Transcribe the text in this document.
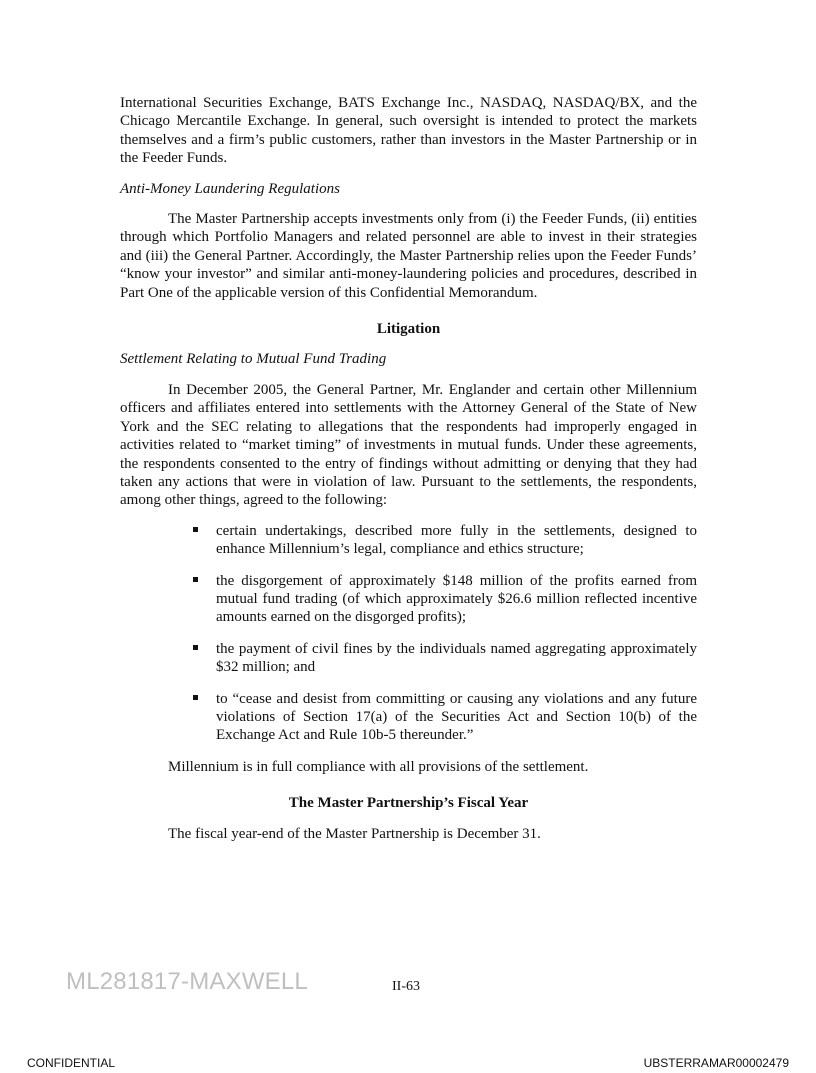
International Securities Exchange, BATS Exchange Inc., NASDAQ, NASDAQ/BX, and the Chicago Mercantile Exchange. In general, such oversight is intended to protect the markets themselves and a firm’s public customers, rather than investors in the Master Partnership or in the Feeder Funds.

Anti-Money Laundering Regulations

The Master Partnership accepts investments only from (i) the Feeder Funds, (ii) entities through which Portfolio Managers and related personnel are able to invest in their strategies and (iii) the General Partner. Accordingly, the Master Partnership relies upon the Feeder Funds’ “know your investor” and similar anti-money-laundering policies and procedures, described in Part One of the applicable version of this Confidential Memorandum.

Litigation
Settlement Relating to Mutual Fund Trading

In December 2005, the General Partner, Mr. Englander and certain other Millennium officers and affiliates entered into settlements with the Attorney General of the State of New York and the SEC relating to allegations that the respondents had improperly engaged in activities related to “market timing” of investments in mutual funds. Under these agreements, the respondents consented to the entry of findings without admitting or denying that they had taken any actions that were in violation of law. Pursuant to the settlements, the respondents, among other things, agreed to the following:

certain undertakings, described more fully in the settlements, designed to enhance Millennium’s legal, compliance and ethics structure;
the disgorgement of approximately $148 million of the profits earned from mutual fund trading (of which approximately $26.6 million reflected incentive amounts earned on the disgorged profits);
the payment of civil fines by the individuals named aggregating approximately $32 million; and
to “cease and desist from committing or causing any violations and any future violations of Section 17(a) of the Securities Act and Section 10(b) of the Exchange Act and Rule 10b-5 thereunder.”

Millennium is in full compliance with all provisions of the settlement.

The Master Partnership’s Fiscal Year

The fiscal year-end of the Master Partnership is December 31.

ML281817-MAXWELL	II-63
CONFIDENTIAL	UBSTERRAMAR00002479
